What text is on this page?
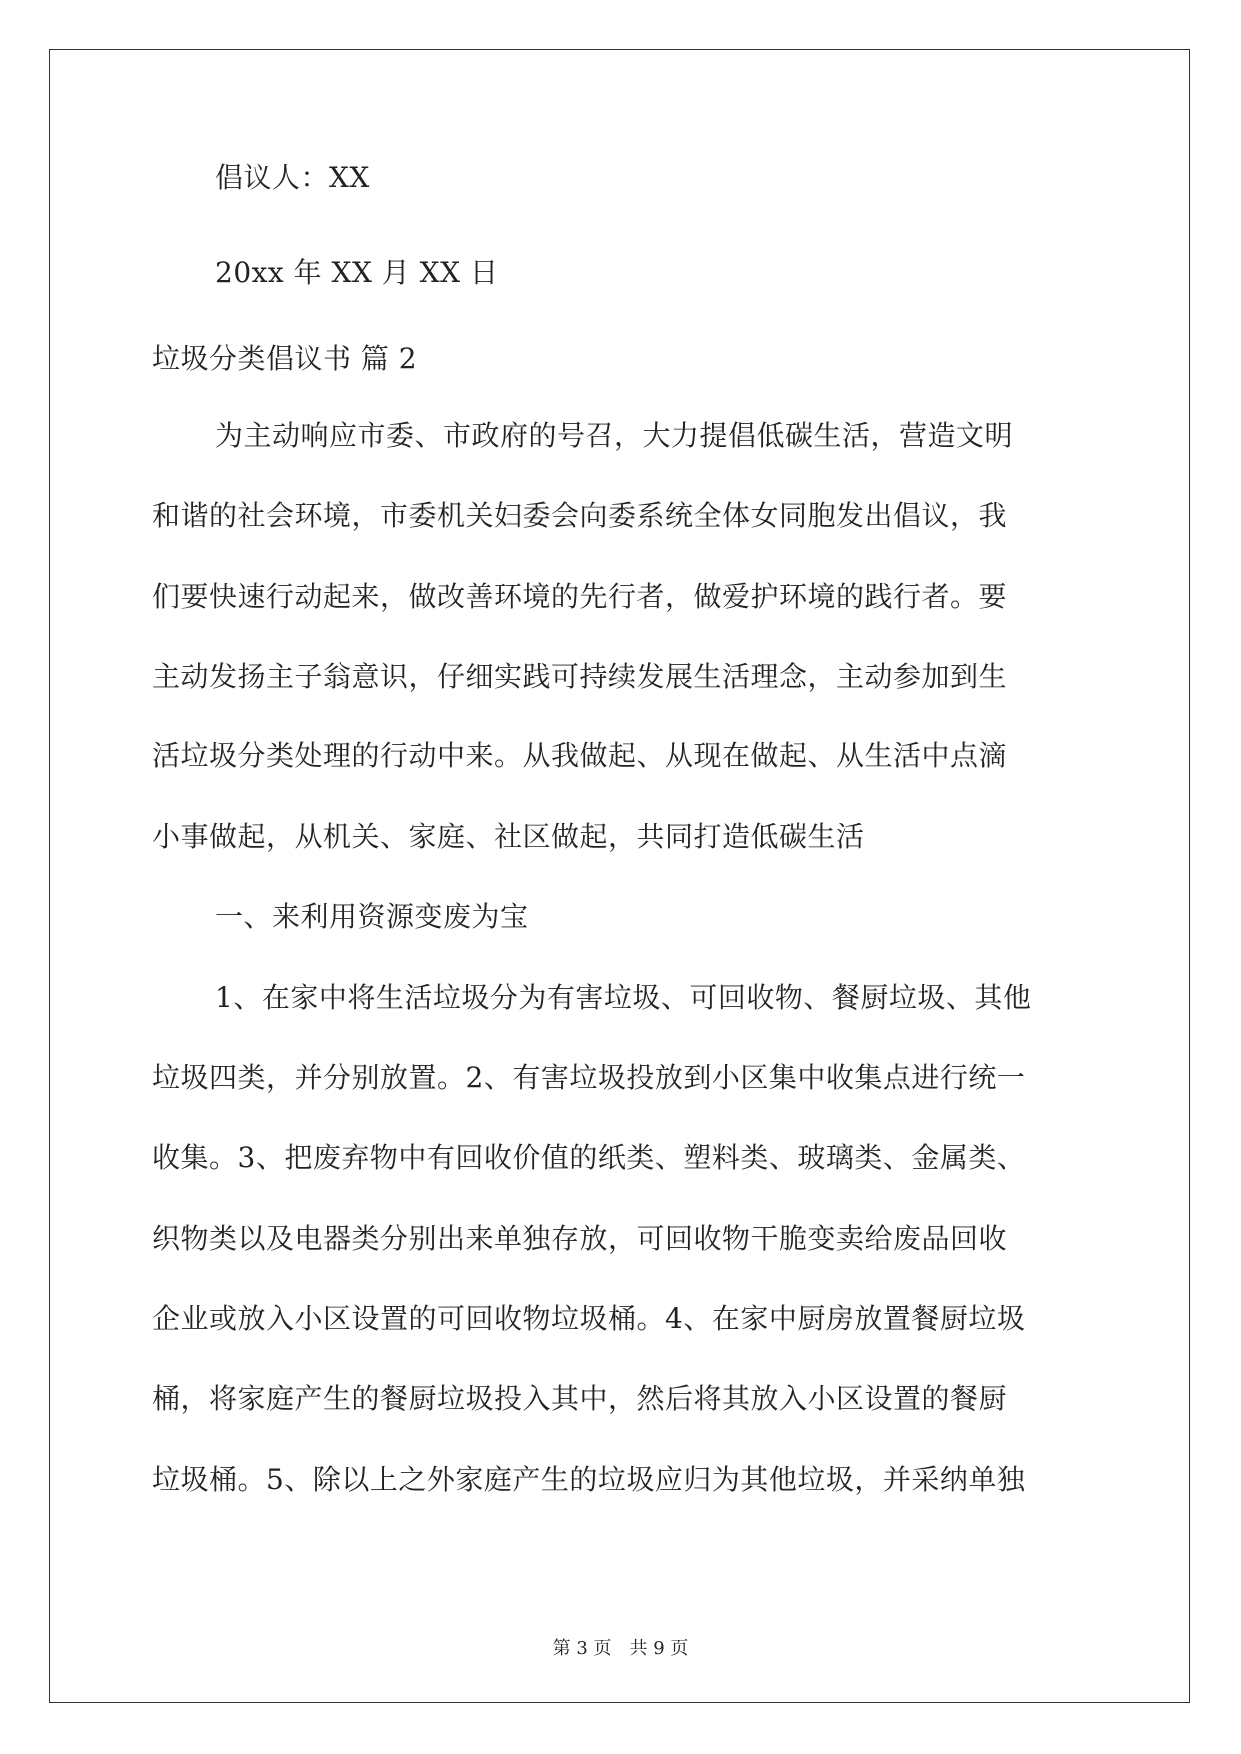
倡议人：XX
20xx 年 XX 月 XX 日
垃圾分类倡议书 篇 2
为主动响应市委、市政府的号召，大力提倡低碳生活，营造文明
和谐的社会环境，市委机关妇委会向委系统全体女同胞发出倡议，我
们要快速行动起来，做改善环境的先行者，做爱护环境的践行者。要
主动发扬主子翁意识，仔细实践可持续发展生活理念，主动参加到生
活垃圾分类处理的行动中来。从我做起、从现在做起、从生活中点滴
小事做起，从机关、家庭、社区做起，共同打造低碳生活
一、来利用资源变废为宝
1、在家中将生活垃圾分为有害垃圾、可回收物、餐厨垃圾、其他
垃圾四类，并分别放置。2、有害垃圾投放到小区集中收集点进行统一
收集。3、把废弃物中有回收价值的纸类、塑料类、玻璃类、金属类、
织物类以及电器类分别出来单独存放，可回收物干脆变卖给废品回收
企业或放入小区设置的可回收物垃圾桶。4、在家中厨房放置餐厨垃圾
桶，将家庭产生的餐厨垃圾投入其中，然后将其放入小区设置的餐厨
垃圾桶。5、除以上之外家庭产生的垃圾应归为其他垃圾，并采纳单独
第 3 页　共 9 页
